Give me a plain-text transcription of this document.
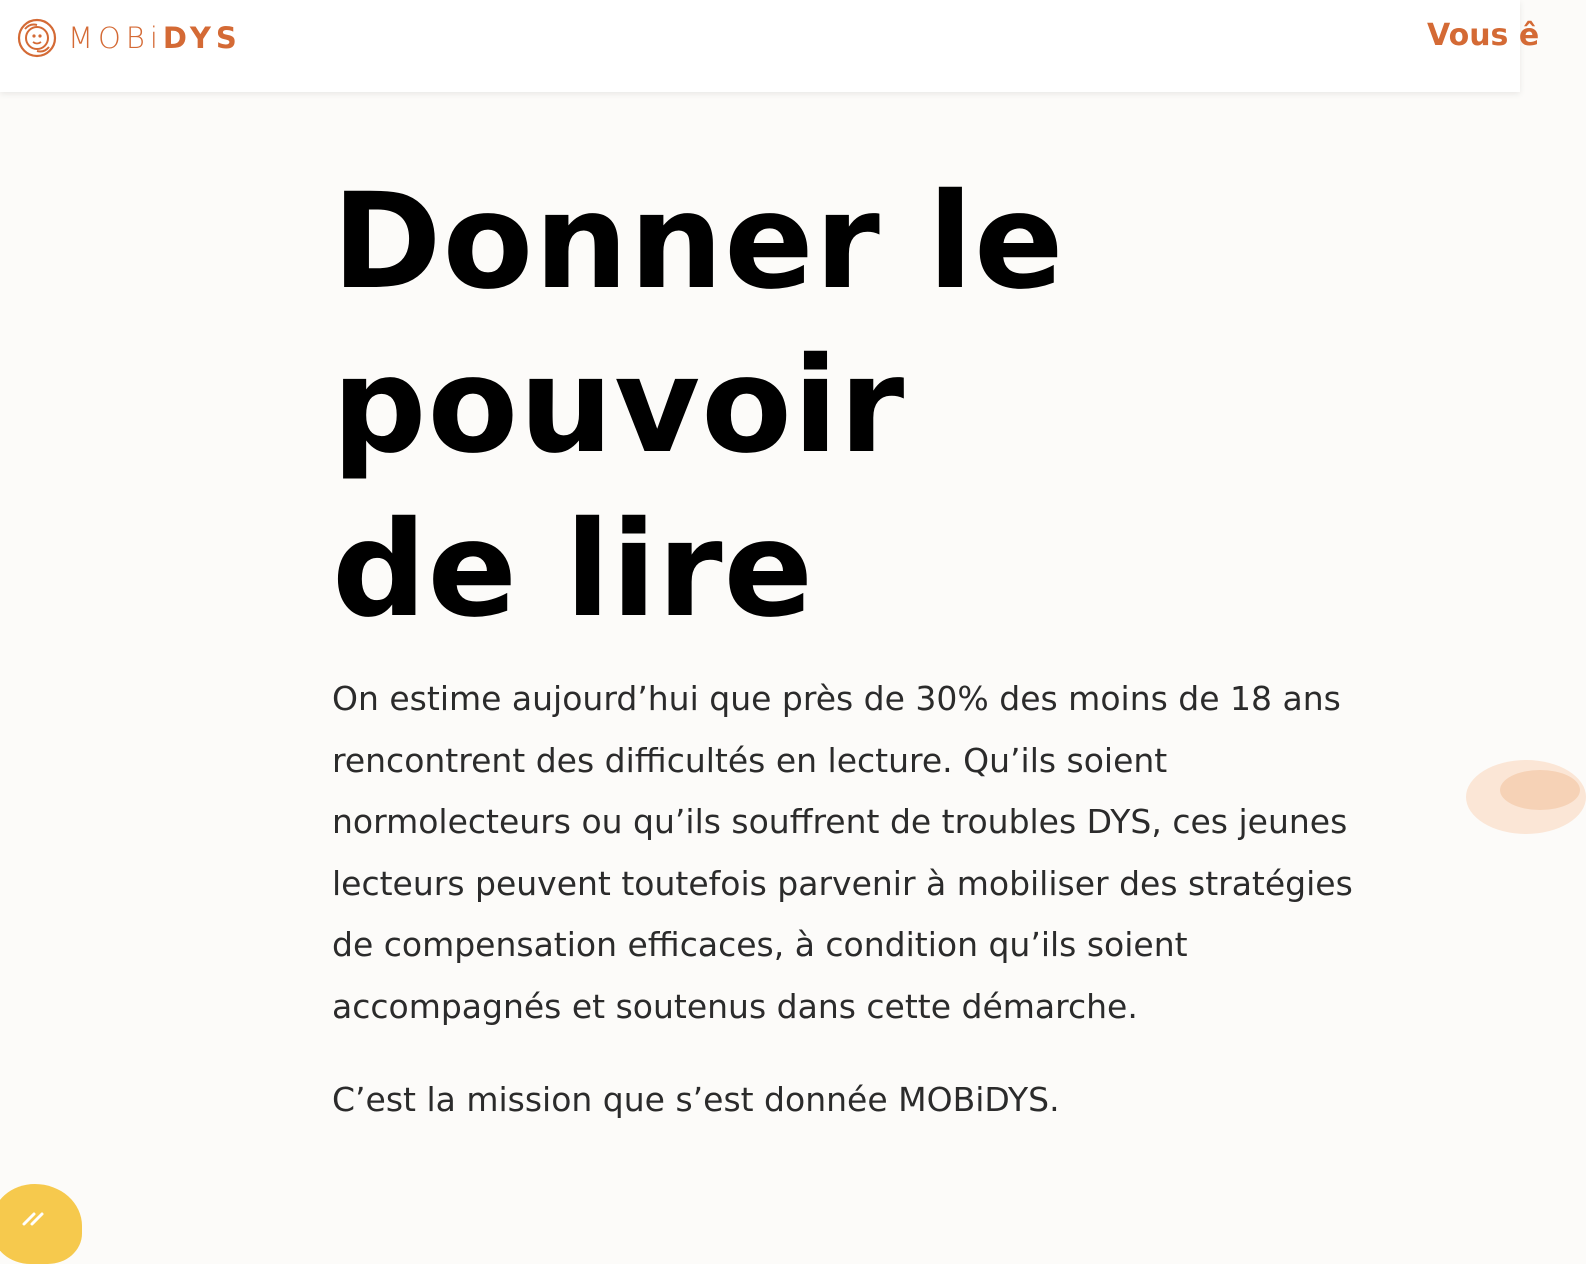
MOBiDYS	Vous ê
Donner le
pouvoir
de lire

On estime aujourd’hui que près de 30% des moins de 18 ans rencontrent des difficultés en lecture. Qu’ils soient normolecteurs ou qu’ils souffrent de troubles DYS, ces jeunes lecteurs peuvent toutefois parvenir à mobiliser des stratégies de compensation efficaces, à condition qu’ils soient accompagnés et soutenus dans cette démarche.

C’est la mission que s’est donnée MOBiDYS.
